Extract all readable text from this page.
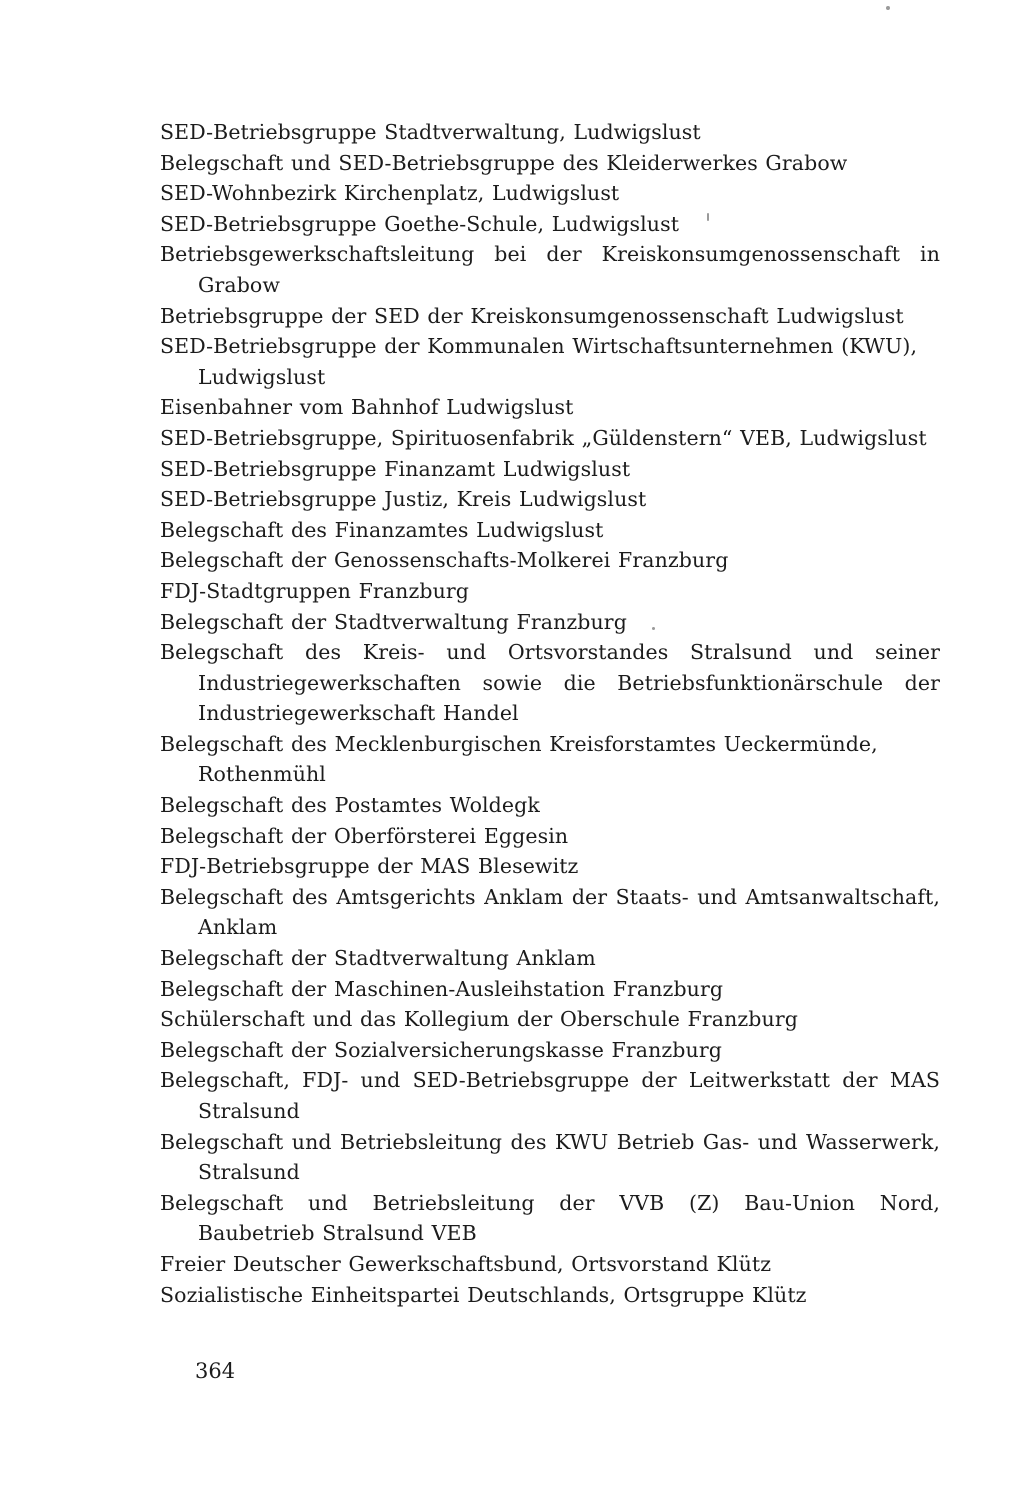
SED-Betriebsgruppe Stadtverwaltung, Ludwigslust
Belegschaft und SED-Betriebsgruppe des Kleiderwerkes Grabow
SED-Wohnbezirk Kirchenplatz, Ludwigslust
SED-Betriebsgruppe Goethe-Schule, Ludwigslust
Betriebsgewerkschaftsleitung bei der Kreiskonsumgenossenschaft in Grabow
Betriebsgruppe der SED der Kreiskonsumgenossenschaft Ludwigslust
SED-Betriebsgruppe der Kommunalen Wirtschaftsunternehmen (KWU), Ludwigslust
Eisenbahner vom Bahnhof Ludwigslust
SED-Betriebsgruppe, Spirituosenfabrik „Güldenstern“ VEB, Ludwigslust
SED-Betriebsgruppe Finanzamt Ludwigslust
SED-Betriebsgruppe Justiz, Kreis Ludwigslust
Belegschaft des Finanzamtes Ludwigslust
Belegschaft der Genossenschafts-Molkerei Franzburg
FDJ-Stadtgruppen Franzburg
Belegschaft der Stadtverwaltung Franzburg
Belegschaft des Kreis- und Ortsvorstandes Stralsund und seiner Industriegewerkschaften sowie die Betriebsfunktionärschule der Industriegewerkschaft Handel
Belegschaft des Mecklenburgischen Kreisforstamtes Ueckermünde, Rothenmühl
Belegschaft des Postamtes Woldegk
Belegschaft der Oberförsterei Eggesin
FDJ-Betriebsgruppe der MAS Blesewitz
Belegschaft des Amtsgerichts Anklam der Staats- und Amtsanwaltschaft, Anklam
Belegschaft der Stadtverwaltung Anklam
Belegschaft der Maschinen-Ausleihstation Franzburg
Schülerschaft und das Kollegium der Oberschule Franzburg
Belegschaft der Sozialversicherungskasse Franzburg
Belegschaft, FDJ- und SED-Betriebsgruppe der Leitwerkstatt der MAS Stralsund
Belegschaft und Betriebsleitung des KWU Betrieb Gas- und Wasserwerk, Stralsund
Belegschaft und Betriebsleitung der VVB (Z) Bau-Union Nord, Baubetrieb Stralsund VEB
Freier Deutscher Gewerkschaftsbund, Ortsvorstand Klütz
Sozialistische Einheitspartei Deutschlands, Ortsgruppe Klütz
364
